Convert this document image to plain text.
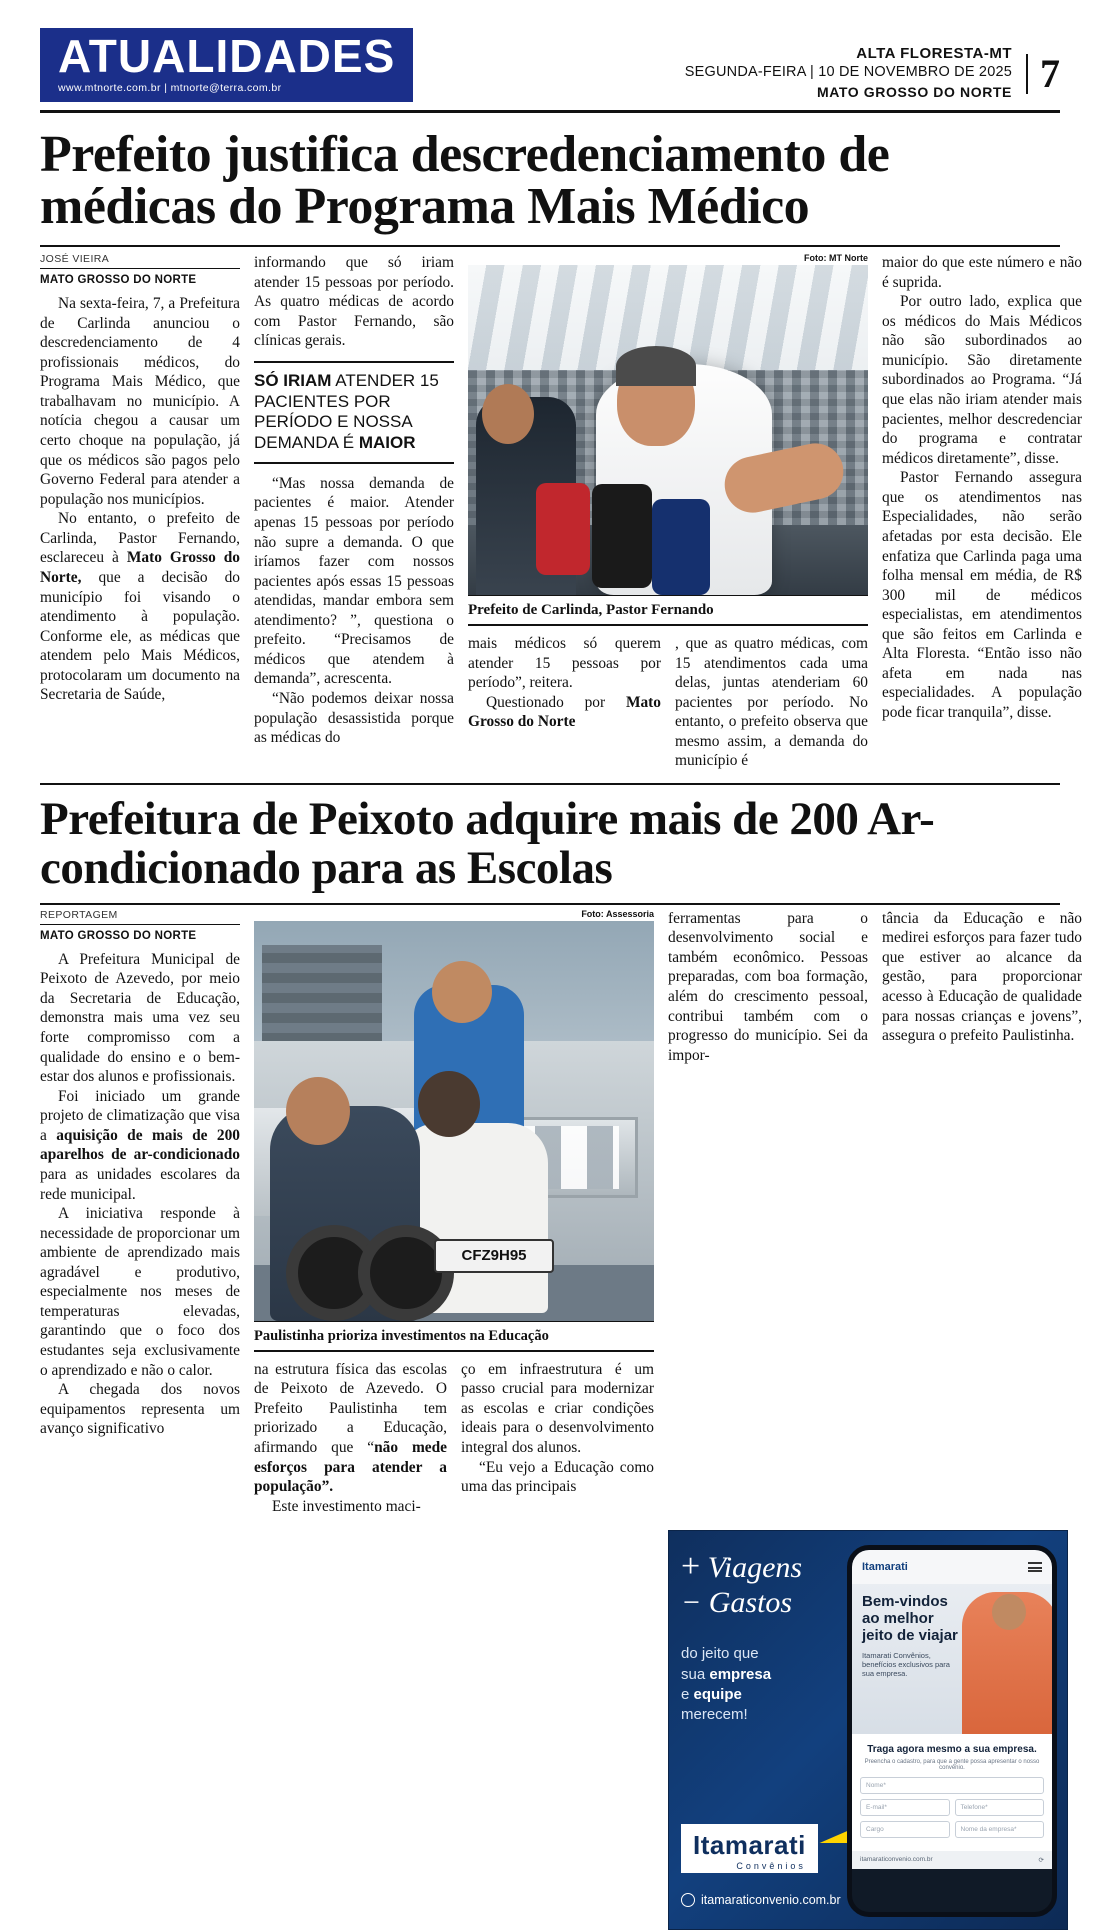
ATUALIDADES
www.mtnorte.com.br | mtnorte@terra.com.br
ALTA FLORESTA-MT
SEGUNDA-FEIRA | 10 DE NOVEMBRO DE 2025
MATO GROSSO DO NORTE 7
Prefeito justifica descredenciamento de médicas do Programa Mais Médico
JOSÉ VIEIRA
MATO GROSSO DO NORTE

Na sexta-feira, 7, a Prefeitura de Carlinda anunciou o descredenciamento de 4 profissionais médicos, do Programa Mais Médico, que trabalhavam no município. A notícia chegou a causar um certo choque na população, já que os médicos são pagos pelo Governo Federal para atender a população nos municípios.

No entanto, o prefeito de Carlinda, Pastor Fernando, esclareceu à Mato Grosso do Norte, que a decisão do município foi visando o atendimento à população. Conforme ele, as médicas que atendem pelo Mais Médicos, protocolaram um documento na Secretaria de Saúde,

informando que só iriam atender 15 pessoas por período. As quatro médicas de acordo com Pastor Fernando, são clínicas gerais.

SÓ IRIAM ATENDER 15 PACIENTES POR PERÍODO E NOSSA DEMANDA É MAIOR

“Mas nossa demanda de pacientes é maior. Atender apenas 15 pessoas por período não supre a demanda. O que iríamos fazer com nossos pacientes após essas 15 pessoas atendidas, mandar embora sem atendimento? ”, questiona o prefeito. “Precisamos de médicos que atendem à demanda”, acrescenta.

“Não podemos deixar nossa população desassistida porque as médicas do

Foto: MT Norte
Prefeito de Carlinda, Pastor Fernando

mais médicos só querem atender 15 pessoas por período”, reitera.

Questionado por Mato Grosso do Norte

, que as quatro médicas, com 15 atendimentos cada uma delas, juntas atenderiam 60 pacientes por período. No entanto, o prefeito observa que mesmo assim, a demanda do município é

maior do que este número e não é suprida.

Por outro lado, explica que os médicos do Mais Médicos não são subordinados ao município. São diretamente subordinados ao Programa. “Já que elas não iriam atender mais pacientes, melhor descredenciar do programa e contratar médicos diretamente”, disse.

Pastor Fernando assegura que os atendimentos nas Especialidades, não serão afetadas por esta decisão. Ele enfatiza que Carlinda paga uma folha mensal em média, de R$ 300 mil de médicos especialistas, em atendimentos que são feitos em Carlinda e Alta Floresta. “Então isso não afeta em nada nas especialidades. A população pode ficar tranquila”, disse.

Prefeitura de Peixoto adquire mais de 200 Ar-condicionado para as Escolas
REPORTAGEM
MATO GROSSO DO NORTE

A Prefeitura Municipal de Peixoto de Azevedo, por meio da Secretaria de Educação, demonstra mais uma vez seu forte compromisso com a qualidade do ensino e o bem-estar dos alunos e profissionais.

Foi iniciado um grande projeto de climatização que visa a aquisição de mais de 200 aparelhos de ar-condicionado para as unidades escolares da rede municipal.

A iniciativa responde à necessidade de proporcionar um ambiente de aprendizado mais agradável e produtivo, especialmente nos meses de temperaturas elevadas, garantindo que o foco dos estudantes seja exclusivamente o aprendizado e não o calor.

A chegada dos novos equipamentos representa um avanço significativo

Foto: Assessoria
CFZ9H95
Paulistinha prioriza investimentos na Educação

na estrutura física das escolas de Peixoto de Azevedo. O Prefeito Paulistinha tem priorizado a Educação, afirmando que “não mede esforços para atender a população”.

Este investimento maci-

ço em infraestrutura é um passo crucial para modernizar as escolas e criar condições ideais para o desenvolvimento integral dos alunos.

“Eu vejo a Educação como uma das principais

ferramentas para o desenvolvimento social e também econômico. Pessoas preparadas, com boa formação, além do crescimento pessoal, contribui também com o progresso do município. Sei da impor-

tância da Educação e não medirei esforços para fazer tudo que estiver ao alcance da gestão, para proporcionar acesso à Educação de qualidade para nossas crianças e jovens”, assegura o prefeito Paulistinha.

+ Viagens
− Gastos
do jeito que
sua empresa
e equipe
merecem!
Itamarati
Convênios
itamaraticonvenio.com.br
Itamarati
Bem-vindos ao melhor jeito de viajar

Itamarati Convênios, benefícios exclusivos para sua empresa.

Traga agora mesmo a sua empresa.
Preencha o cadastro, para que a gente possa apresentar o nosso convênio.
Nome*
E-mail*	Telefone*
Cargo	Nome da empresa*
itamaraticonvenio.com.br	⟳
